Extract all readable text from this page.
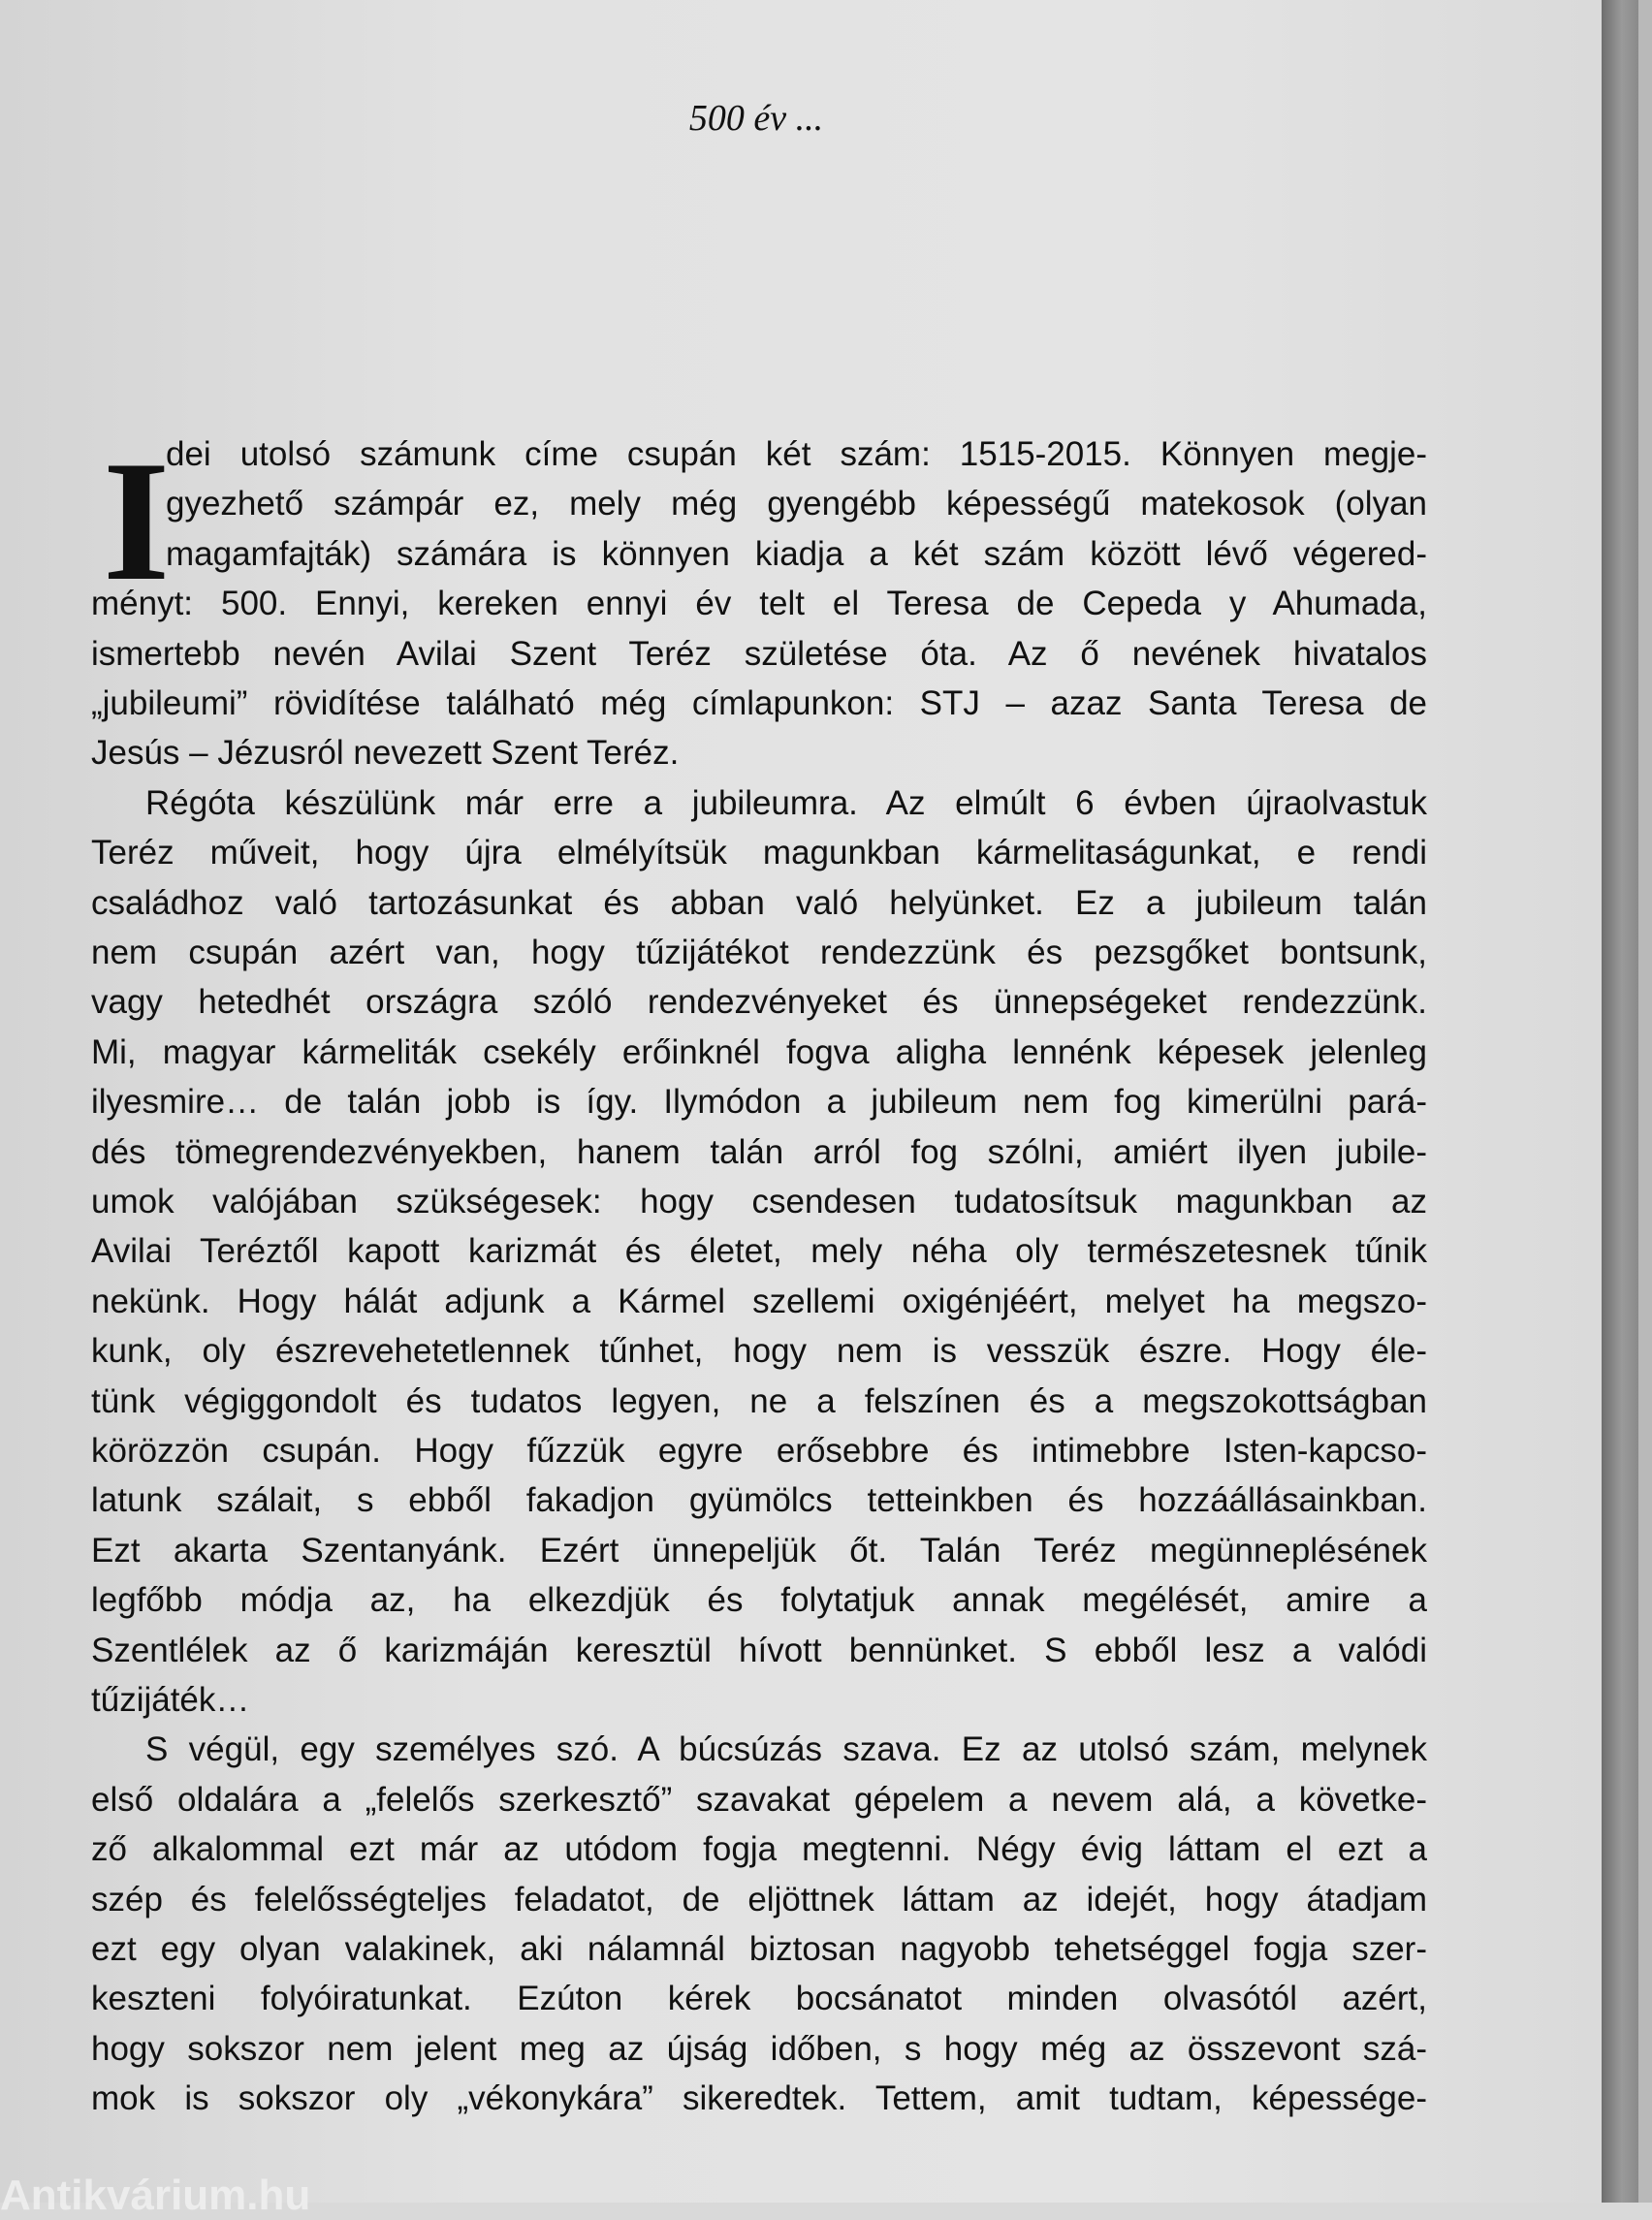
500 év ...
I
dei utolsó számunk címe csupán két szám: 1515-2015. Könnyen megje-
gyezhető számpár ez, mely még gyengébb képességű matekosok (olyan
magamfajták) számára is könnyen kiadja a két szám között lévő végered-
ményt: 500. Ennyi, kereken ennyi év telt el Teresa de Cepeda y Ahumada,
ismertebb nevén Avilai Szent Teréz születése óta. Az ő nevének hivatalos
„jubileumi” rövidítése található még címlapunkon: STJ – azaz Santa Teresa de
Jesús – Jézusról nevezett Szent Teréz.
Régóta készülünk már erre a jubileumra. Az elmúlt 6 évben újraolvastuk
Teréz műveit, hogy újra elmélyítsük magunkban kármelitaságunkat, e rendi
családhoz való tartozásunkat és abban való helyünket. Ez a jubileum talán
nem csupán azért van, hogy tűzijátékot rendezzünk és pezsgőket bontsunk,
vagy hetedhét országra szóló rendezvényeket és ünnepségeket rendezzünk.
Mi, magyar kármeliták csekély erőinknél fogva aligha lennénk képesek jelenleg
ilyesmire… de talán jobb is így. Ilymódon a jubileum nem fog kimerülni pará-
dés tömegrendezvényekben, hanem talán arról fog szólni, amiért ilyen jubile-
umok valójában szükségesek: hogy csendesen tudatosítsuk magunkban az
Avilai Teréztől kapott karizmát és életet, mely néha oly természetesnek tűnik
nekünk. Hogy hálát adjunk a Kármel szellemi oxigénjéért, melyet ha megszo-
kunk, oly észrevehetetlennek tűnhet, hogy nem is vesszük észre. Hogy éle-
tünk végiggondolt és tudatos legyen, ne a felszínen és a megszokottságban
körözzön csupán. Hogy fűzzük egyre erősebbre és intimebbre Isten-kapcso-
latunk szálait, s ebből fakadjon gyümölcs tetteinkben és hozzáállásainkban.
Ezt akarta Szentanyánk. Ezért ünnepeljük őt. Talán Teréz megünneplésének
legfőbb módja az, ha elkezdjük és folytatjuk annak megélését, amire a
Szentlélek az ő karizmáján keresztül hívott bennünket. S ebből lesz a valódi
tűzijáték…
S végül, egy személyes szó. A búcsúzás szava. Ez az utolsó szám, melynek
első oldalára a „felelős szerkesztő” szavakat gépelem a nevem alá, a követke-
ző alkalommal ezt már az utódom fogja megtenni. Négy évig láttam el ezt a
szép és felelősségteljes feladatot, de eljöttnek láttam az idejét, hogy átadjam
ezt egy olyan valakinek, aki nálamnál biztosan nagyobb tehetséggel fogja szer-
keszteni folyóiratunkat. Ezúton kérek bocsánatot minden olvasótól azért,
hogy sokszor nem jelent meg az újság időben, s hogy még az összevont szá-
mok is sokszor oly „vékonykára” sikeredtek. Tettem, amit tudtam, képessége-
Antikvárium.hu
